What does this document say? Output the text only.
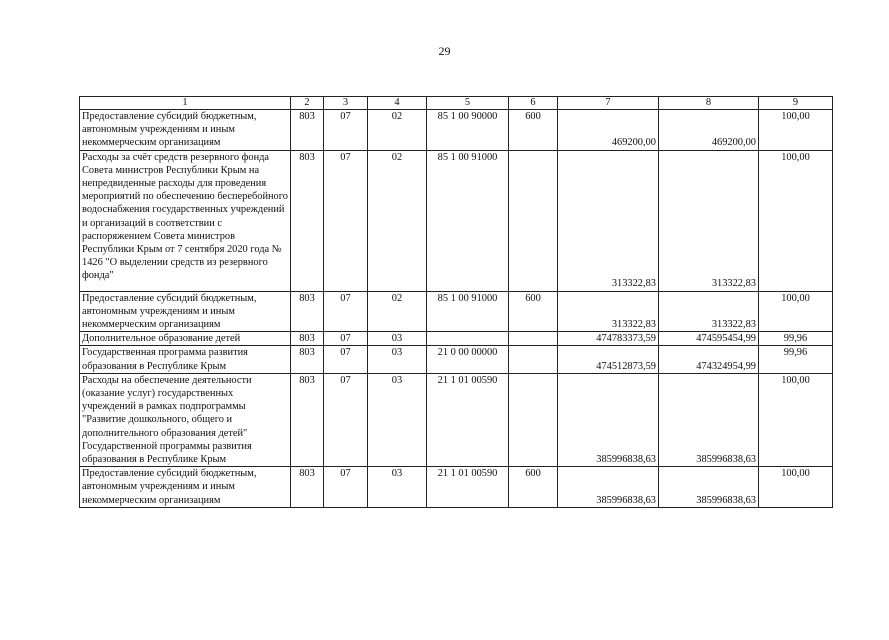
29
1	2	3	4	5	6	7	8	9
Предоставление субсидий бюджетным, автономным учреждениям и иным некоммерческим организациям	803	07	02	85 1 00 90000	600	469200,00	469200,00	100,00
Расходы за счёт средств резервного фонда Совета министров Республики Крым на непредвиденные расходы для проведения мероприятий по обеспечению бесперебойного водоснабжения государственных учреждений и организаций в соответствии с распоряжением Совета министров Республики Крым от 7 сентября 2020 года № 1426 "О выделении средств из резервного фонда"	803	07	02	85 1 00 91000		313322,83	313322,83	100,00
Предоставление субсидий бюджетным, автономным учреждениям и иным некоммерческим организациям	803	07	02	85 1 00 91000	600	313322,83	313322,83	100,00
Дополнительное образование детей	803	07	03			474783373,59	474595454,99	99,96
Государственная программа развития образования в Республике Крым	803	07	03	21 0 00 00000		474512873,59	474324954,99	99,96
Расходы на обеспечение деятельности (оказание услуг) государственных учреждений в рамках подпрограммы "Развитие дошкольного, общего и дополнительного образования детей" Государственной программы развития образования в Республике Крым	803	07	03	21 1 01 00590		385996838,63	385996838,63	100,00
Предоставление субсидий бюджетным, автономным учреждениям и иным некоммерческим организациям	803	07	03	21 1 01 00590	600	385996838,63	385996838,63	100,00
